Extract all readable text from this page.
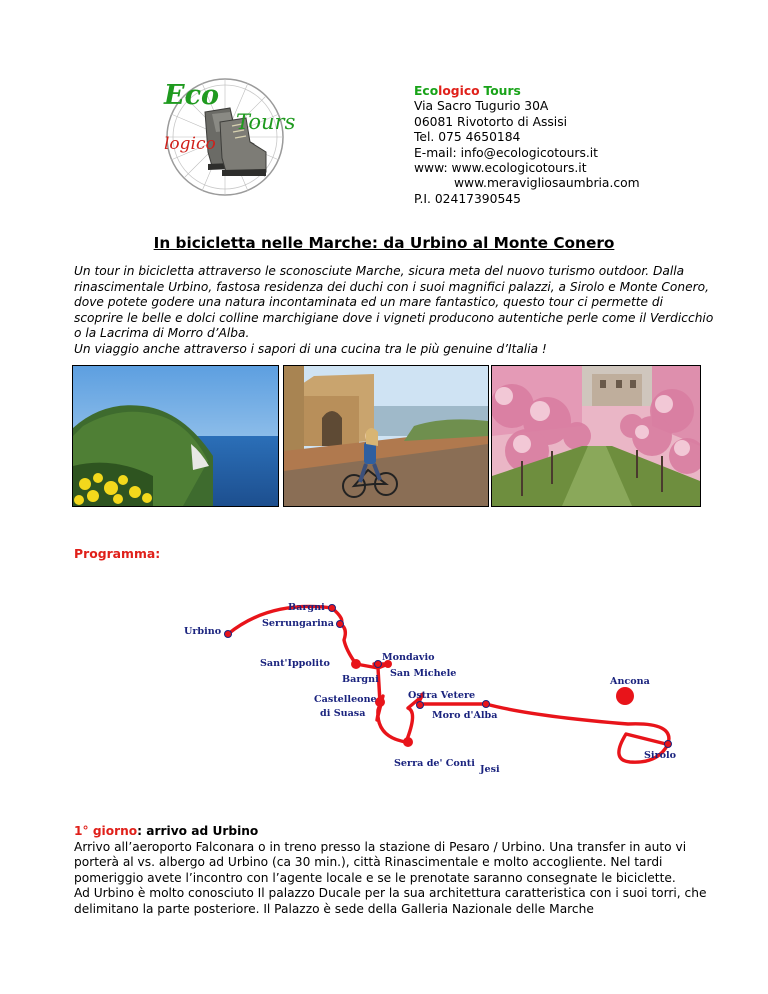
Eco
Tours
logico
Ecologico Tours
Via Sacro Tugurio 30A
06081 Rivotorto di Assisi
Tel. 075 4650184
E-mail: info@ecologicotours.it
www: www.ecologicotours.it
www.meravigliosaumbria.com
P.I. 02417390545
In bicicletta nelle Marche: da Urbino al Monte Conero
Un tour in bicicletta attraverso le sconosciute Marche, sicura meta del nuovo turismo outdoor. Dalla rinascimentale Urbino, fastosa residenza dei duchi con i suoi magnifici palazzi, a Sirolo e Monte Conero, dove potete godere una natura incontaminata ed un mare fantastico, questo tour ci permette di scoprire le belle e dolci colline marchigiane dove i vigneti producono autentiche perle come il Verdicchio o la Lacrima di Morro d’Alba.
Un viaggio anche attraverso i sapori di una cucina tra le più genuine d’Italia !
Programma:
Urbino
Bargni
Serrungarina
Sant'Ippolito
Bargni
Mondavio
San Michele
Castelleone
di Suasa
Ostra Vetere
Moro d'Alba
Serra de' Conti
Jesi
Ancona
Sirolo
1° giorno: arrivo ad Urbino
Arrivo all’aeroporto Falconara o in treno presso la stazione di Pesaro / Urbino. Una transfer in auto vi porterà al vs. albergo ad Urbino (ca 30 min.), città Rinascimentale e molto accogliente. Nel tardi pomeriggio avete l’incontro con l’agente locale e se le prenotate saranno consegnate le biciclette.
Ad Urbino è molto conosciuto Il palazzo Ducale per la sua architettura caratteristica con i suoi torri, che delimitano la parte posteriore. Il Palazzo è sede della Galleria Nazionale delle Marche
